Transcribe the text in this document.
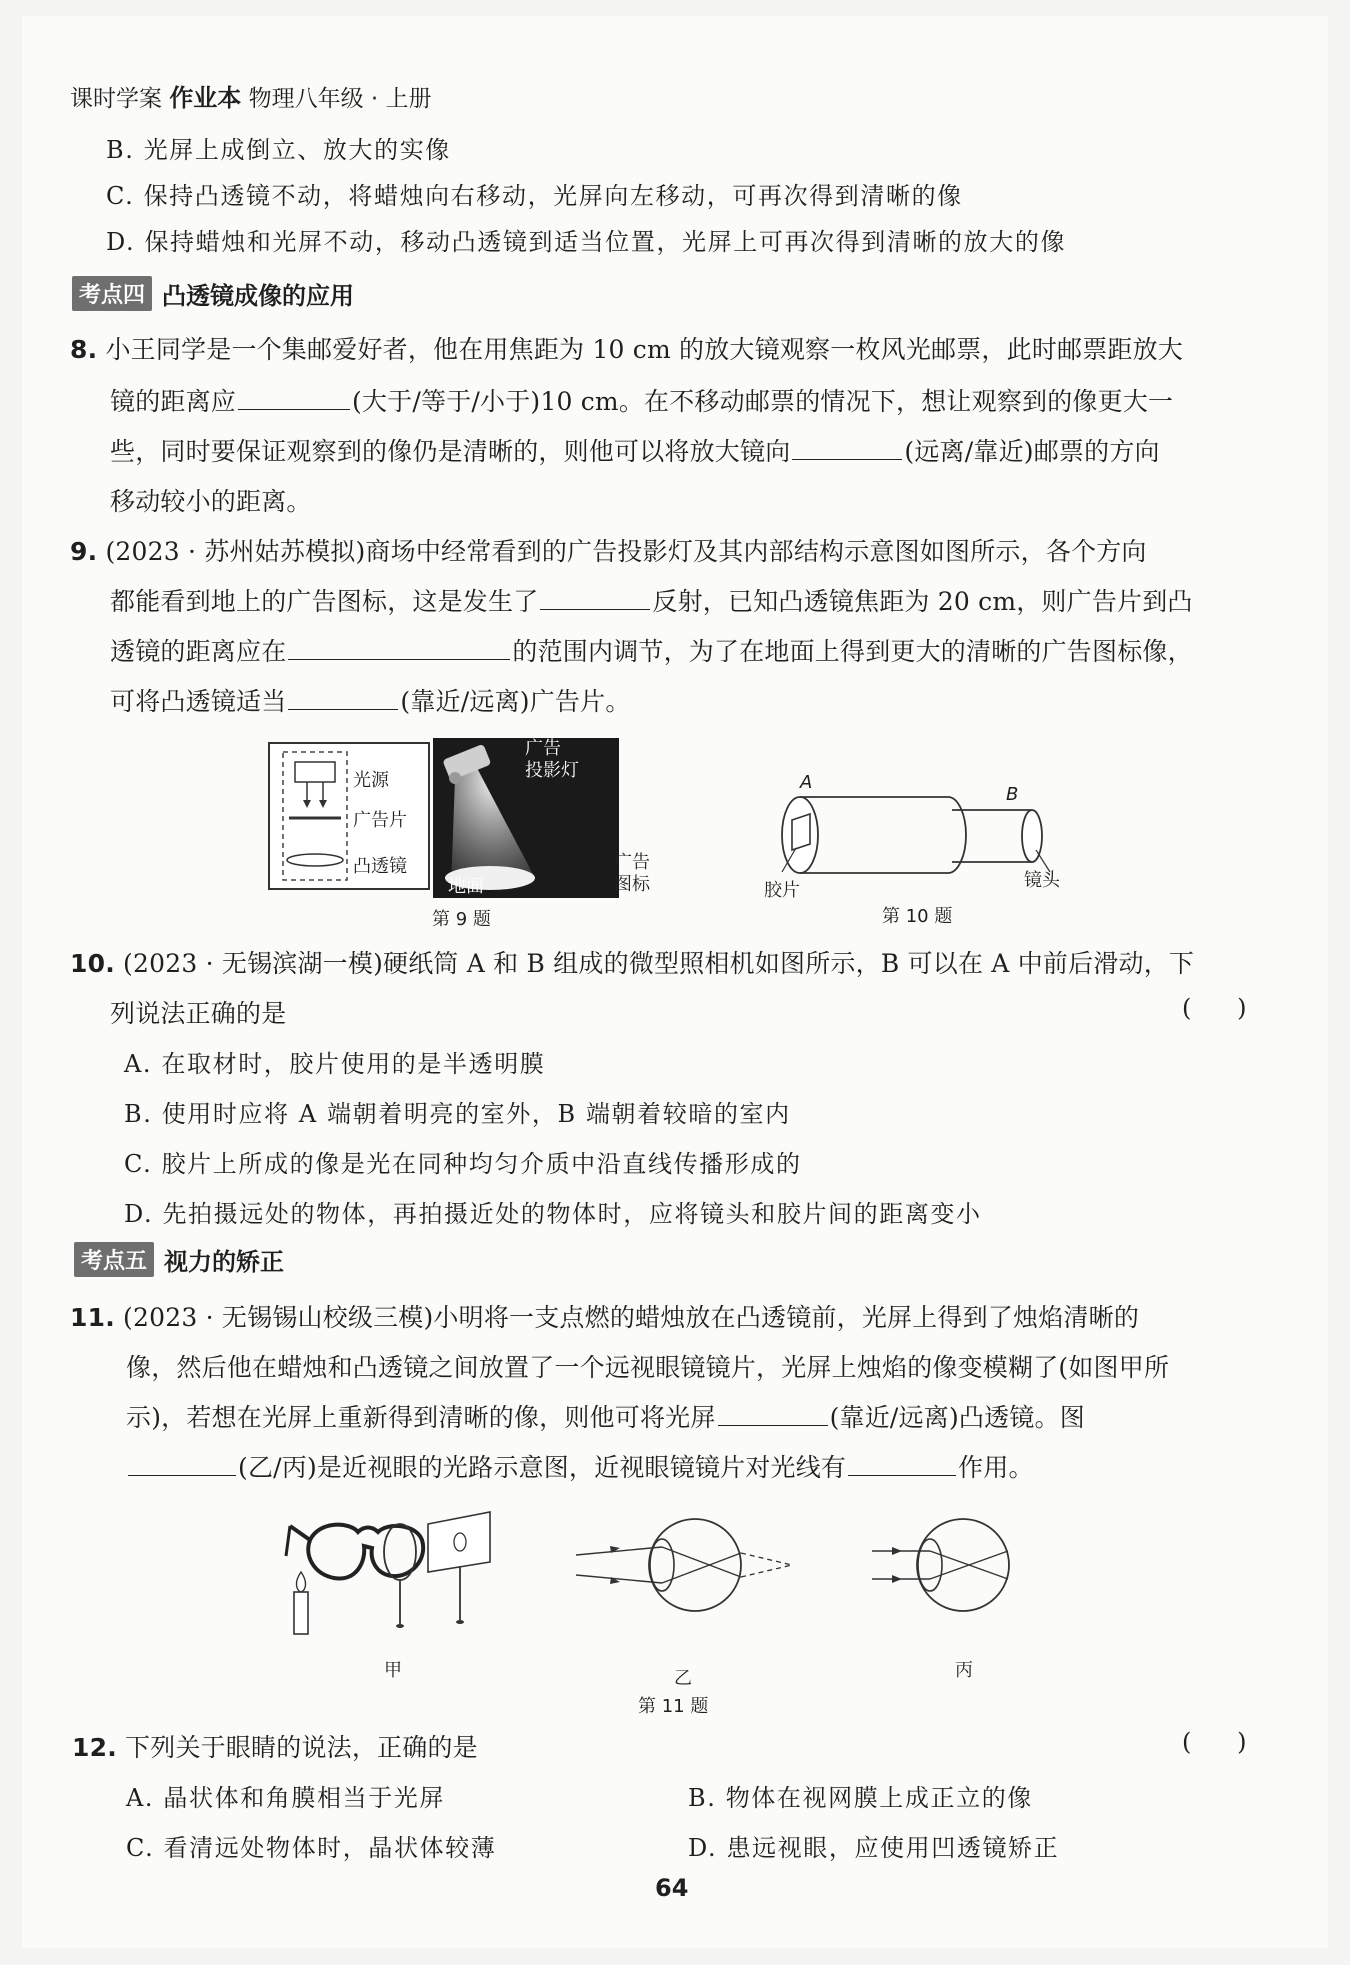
课时学案 作业本 物理八年级 · 上册
B. 光屏上成倒立、放大的实像
C. 保持凸透镜不动，将蜡烛向右移动，光屏向左移动，可再次得到清晰的像
D. 保持蜡烛和光屏不动，移动凸透镜到适当位置，光屏上可再次得到清晰的放大的像
考点四 凸透镜成像的应用
8. 小王同学是一个集邮爱好者，他在用焦距为 10 cm 的放大镜观察一枚风光邮票，此时邮票距放大
镜的距离应	(大于/等于/小于)10 cm。在不移动邮票的情况下，想让观察到的像更大一
些，同时要保证观察到的像仍是清晰的，则他可以将放大镜向	(远离/靠近)邮票的方向
移动较小的距离。
9. (2023 · 苏州姑苏模拟)商场中经常看到的广告投影灯及其内部结构示意图如图所示，各个方向
都能看到地上的广告图标，这是发生了	反射，已知凸透镜焦距为 20 cm，则广告片到凸
透镜的距离应在	的范围内调节，为了在地面上得到更大的清晰的广告图标像，
可将凸透镜适当	(靠近/远离)广告片。
光源
广告片
凸透镜
广告
投影灯
地面
广告
图标
第 9 题
A
B
胶片	镜头
第 10 题
10. (2023 · 无锡滨湖一模)硬纸筒 A 和 B 组成的微型照相机如图所示，B 可以在 A 中前后滑动，下
列说法正确的是	(      )
A. 在取材时，胶片使用的是半透明膜
B. 使用时应将 A 端朝着明亮的室外，B 端朝着较暗的室内
C. 胶片上所成的像是光在同种均匀介质中沿直线传播形成的
D. 先拍摄远处的物体，再拍摄近处的物体时，应将镜头和胶片间的距离变小
考点五 视力的矫正
11. (2023 · 无锡锡山校级三模)小明将一支点燃的蜡烛放在凸透镜前，光屏上得到了烛焰清晰的
像，然后他在蜡烛和凸透镜之间放置了一个远视眼镜镜片，光屏上烛焰的像变模糊了(如图甲所
示)，若想在光屏上重新得到清晰的像，则他可将光屏	(靠近/远离)凸透镜。图
(乙/丙)是近视眼的光路示意图，近视眼镜镜片对光线有	作用。
甲	乙	丙
第 11 题
12. 下列关于眼睛的说法，正确的是	(      )
A. 晶状体和角膜相当于光屏	B. 物体在视网膜上成正立的像
C. 看清远处物体时，晶状体较薄	D. 患远视眼，应使用凹透镜矫正
64
